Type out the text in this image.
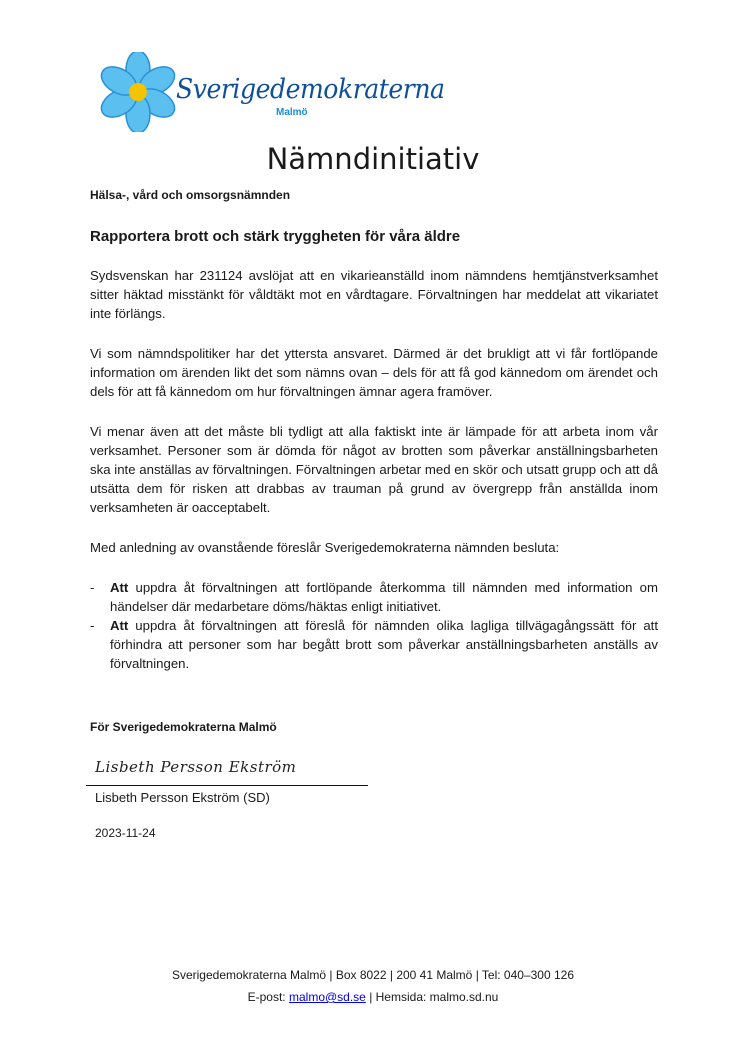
Sverigedemokraterna
Malmö
Nämndinitiativ
Hälsa-, vård och omsorgsnämnden
Rapportera brott och stärk tryggheten för våra äldre

Sydsvenskan har 231124 avslöjat att en vikarieanställd inom nämndens hemtjänstverksamhet sitter häktad misstänkt för våldtäkt mot en vårdtagare. Förvaltningen har meddelat att vikariatet inte förlängs.

Vi som nämndspolitiker har det yttersta ansvaret. Därmed är det brukligt att vi får fortlöpande information om ärenden likt det som nämns ovan – dels för att få god kännedom om ärendet och dels för att få kännedom om hur förvaltningen ämnar agera framöver.

Vi menar även att det måste bli tydligt att alla faktiskt inte är lämpade för att arbeta inom vår verksamhet. Personer som är dömda för något av brotten som påverkar anställningsbarheten ska inte anställas av förvaltningen. Förvaltningen arbetar med en skör och utsatt grupp och att då utsätta dem för risken att drabbas av trauman på grund av övergrepp från anställda inom verksamheten är oacceptabelt.

Med anledning av ovanstående föreslår Sverigedemokraterna nämnden besluta:

- Att uppdra åt förvaltningen att fortlöpande återkomma till nämnden med information om händelser där medarbetare döms/häktas enligt initiativet.
- Att uppdra åt förvaltningen att föreslå för nämnden olika lagliga tillvägagångssätt för att förhindra att personer som har begått brott som påverkar anställningsbarheten anställs av förvaltningen.
För Sverigedemokraterna Malmö
Lisbeth Persson Ekström
Lisbeth Persson Ekström (SD)
2023-11-24
Sverigedemokraterna Malmö | Box 8022 | 200 41 Malmö | Tel: 040–300 126
E-post: malmo@sd.se | Hemsida: malmo.sd.nu
